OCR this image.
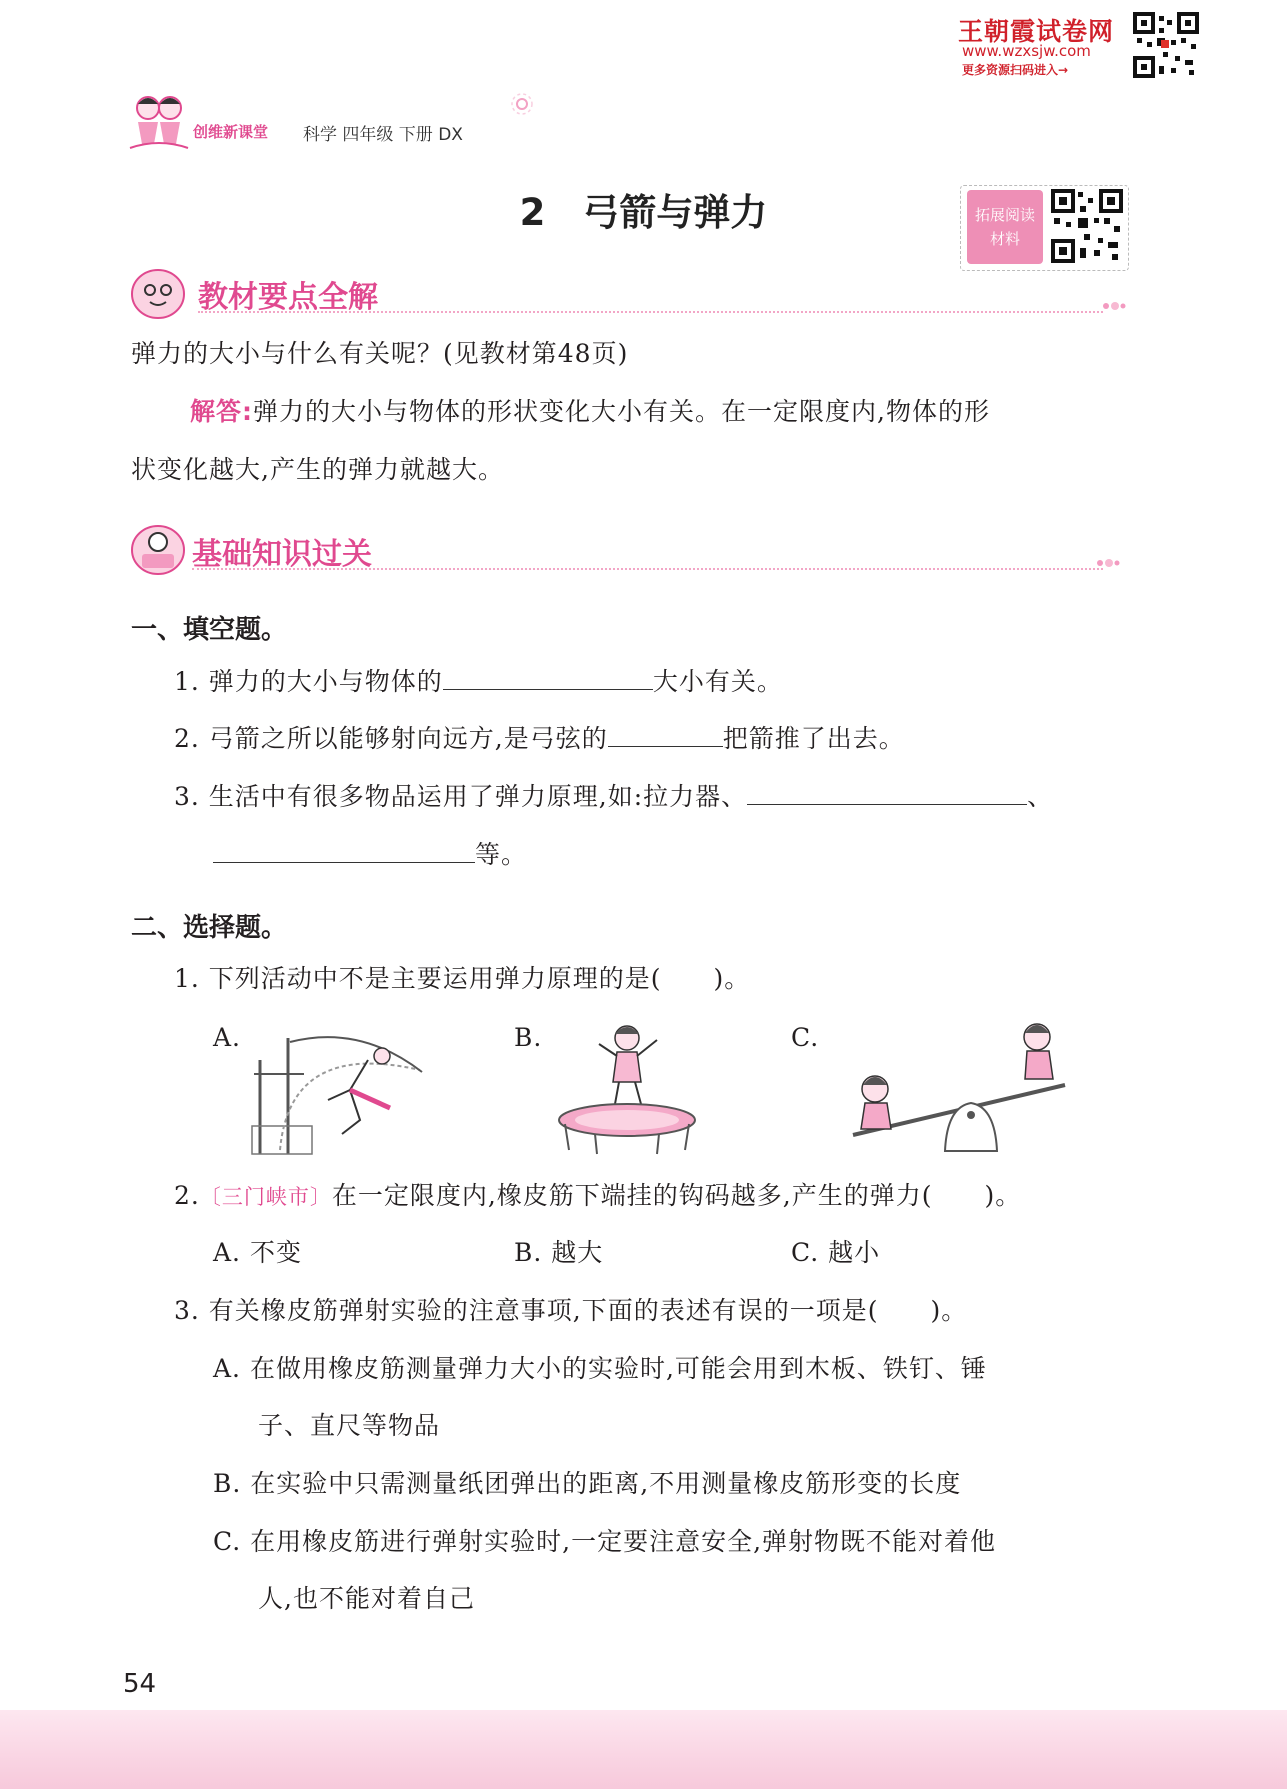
王朝霞试卷网
www.wzxsjw.com
更多资源扫码进入→
创维新课堂 科学 四年级 下册 DX
2　弓箭与弹力	拓展阅读材料
教材要点全解
弹力的大小与什么有关呢？(见教材第48页)
解答:弹力的大小与物体的形状变化大小有关。在一定限度内,物体的形
状变化越大,产生的弹力就越大。
基础知识过关
一、填空题。
1. 弹力的大小与物体的	大小有关。
2. 弓箭之所以能够射向远方,是弓弦的	把箭推了出去。
3. 生活中有很多物品运用了弹力原理,如:拉力器、	、
等。
二、选择题。
1. 下列活动中不是主要运用弹力原理的是(　　)。
A.	B.	C.
2.〔三门峡市〕在一定限度内,橡皮筋下端挂的钩码越多,产生的弹力(　　)。
A. 不变	B. 越大	C. 越小
3. 有关橡皮筋弹射实验的注意事项,下面的表述有误的一项是(　　)。
A. 在做用橡皮筋测量弹力大小的实验时,可能会用到木板、铁钉、锤
子、直尺等物品
B. 在实验中只需测量纸团弹出的距离,不用测量橡皮筋形变的长度
C. 在用橡皮筋进行弹射实验时,一定要注意安全,弹射物既不能对着他
人,也不能对着自己
54
